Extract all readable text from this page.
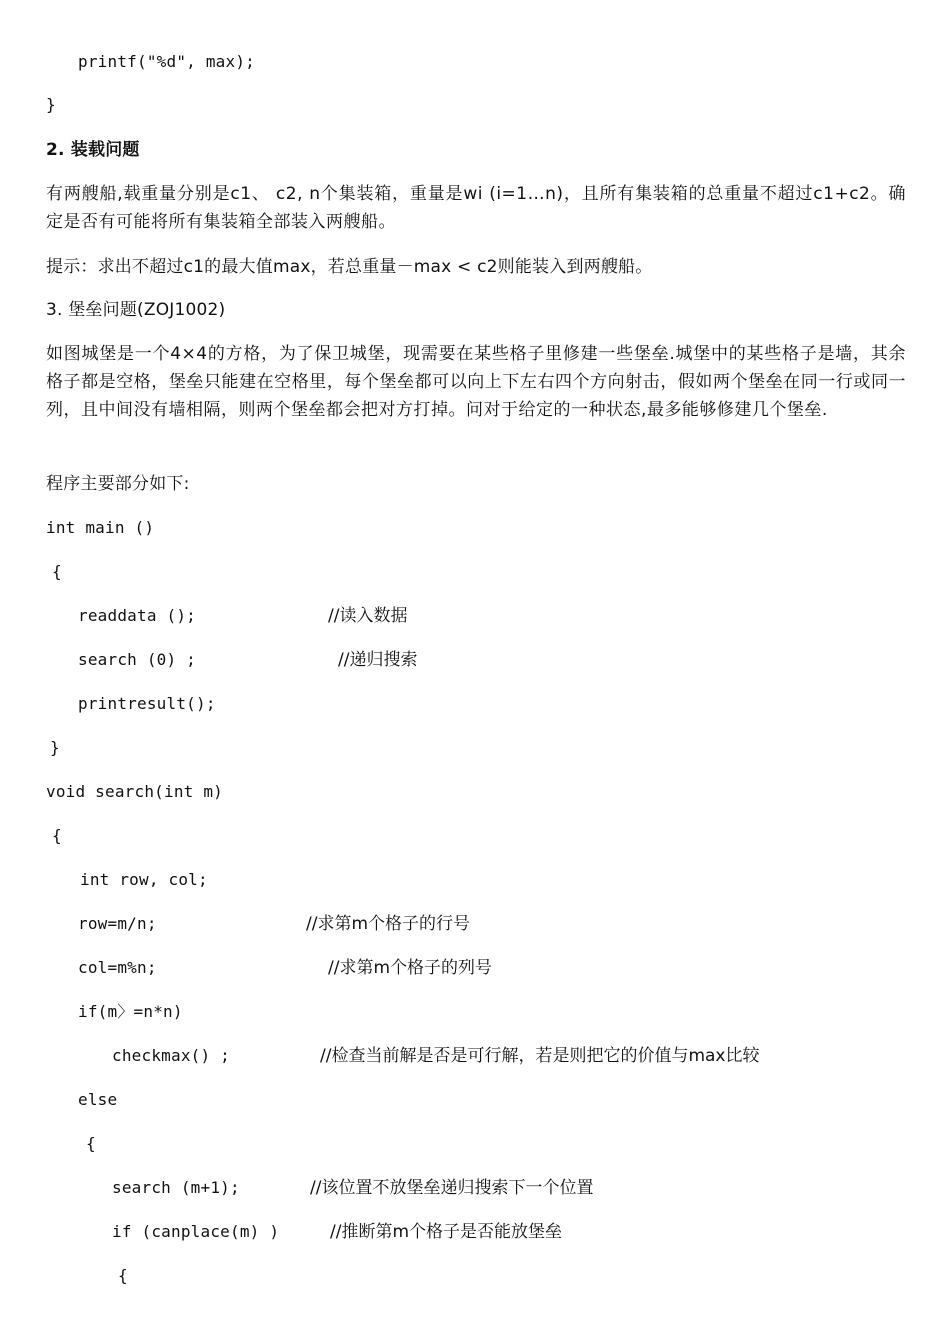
printf("%d", max);
}
2. 装载问题
有两艘船,载重量分别是c1、 c2, n个集装箱，重量是wi (i=1…n)，且所有集装箱的总重量不超过c1+c2。确定是否有可能将所有集装箱全部装入两艘船。
提示：求出不超过c1的最大值max，若总重量－max < c2则能装入到两艘船。
3. 堡垒问题(ZOJ1002)
如图城堡是一个4×4的方格，为了保卫城堡，现需要在某些格子里修建一些堡垒.城堡中的某些格子是墙，其余格子都是空格，堡垒只能建在空格里，每个堡垒都可以向上下左右四个方向射击，假如两个堡垒在同一行或同一列，且中间没有墙相隔，则两个堡垒都会把对方打掉。问对于给定的一种状态,最多能够修建几个堡垒.
程序主要部分如下:
int main ()
{
readdata ();	//读入数据
search (0) ;	//递归搜索
printresult();
}
void search(int m)
{
int row, col;
row=m/n;	//求第m个格子的行号
col=m%n;	//求第m个格子的列号
if(m〉=n*n)
checkmax() ;	//检查当前解是否是可行解，若是则把它的价值与max比较
else
{
search (m+1);	//该位置不放堡垒递归搜索下一个位置
if (canplace(m) )	//推断第m个格子是否能放堡垒
{
